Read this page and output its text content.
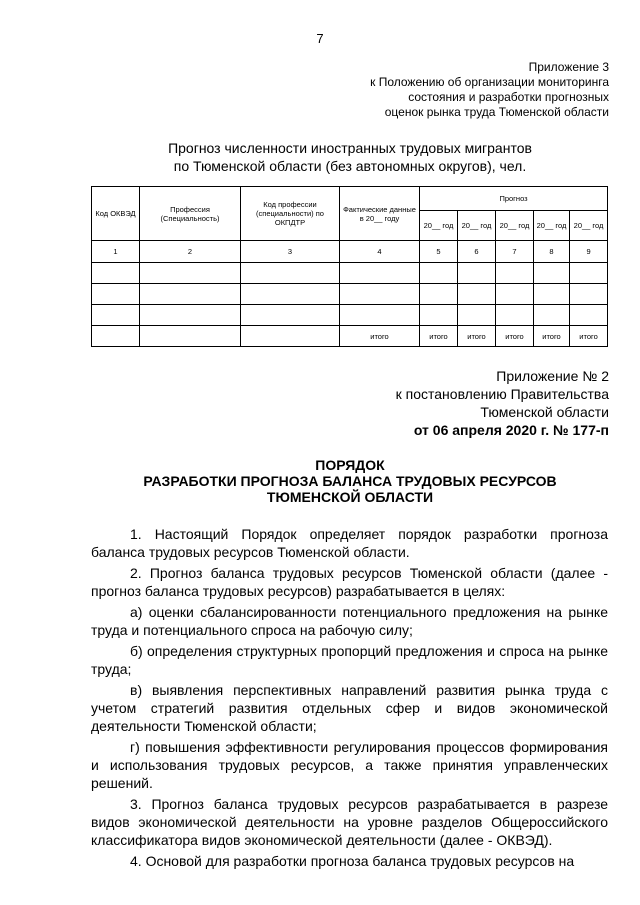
7
Приложение 3
к Положению об организации мониторинга
состояния и разработки прогнозных
оценок рынка труда Тюменской области
Прогноз численности иностранных трудовых мигрантов
по Тюменской области (без автономных округов), чел.
Код ОКВЭД	Профессия (Специальность)	Код профессии (специальности) по ОКПДТР	Фактические данные в 20__ году	Прогноз				
				20__ год	20__ год	20__ год	20__ год	20__ год
1	2	3	4	5	6	7	8	9

			итого	итого	итого	итого	итого	итого
Приложение № 2
к постановлению Правительства
Тюменской области
от 06 апреля 2020 г. № 177-п
ПОРЯДОК
РАЗРАБОТКИ ПРОГНОЗА БАЛАНСА ТРУДОВЫХ РЕСУРСОВ
ТЮМЕНСКОЙ ОБЛАСТИ

1. Настоящий Порядок определяет порядок разработки прогноза баланса трудовых ресурсов Тюменской области.

2. Прогноз баланса трудовых ресурсов Тюменской области (далее - прогноз баланса трудовых ресурсов) разрабатывается в целях:

а) оценки сбалансированности потенциального предложения на рынке труда и потенциального спроса на рабочую силу;

б) определения структурных пропорций предложения и спроса на рынке труда;

в) выявления перспективных направлений развития рынка труда с учетом стратегий развития отдельных сфер и видов экономической деятельности Тюменской области;

г) повышения эффективности регулирования процессов формирования и использования трудовых ресурсов, а также принятия управленческих решений.

3. Прогноз баланса трудовых ресурсов разрабатывается в разрезе видов экономической деятельности на уровне разделов Общероссийского классификатора видов экономической деятельности (далее - ОКВЭД).

4. Основой для разработки прогноза баланса трудовых ресурсов на
